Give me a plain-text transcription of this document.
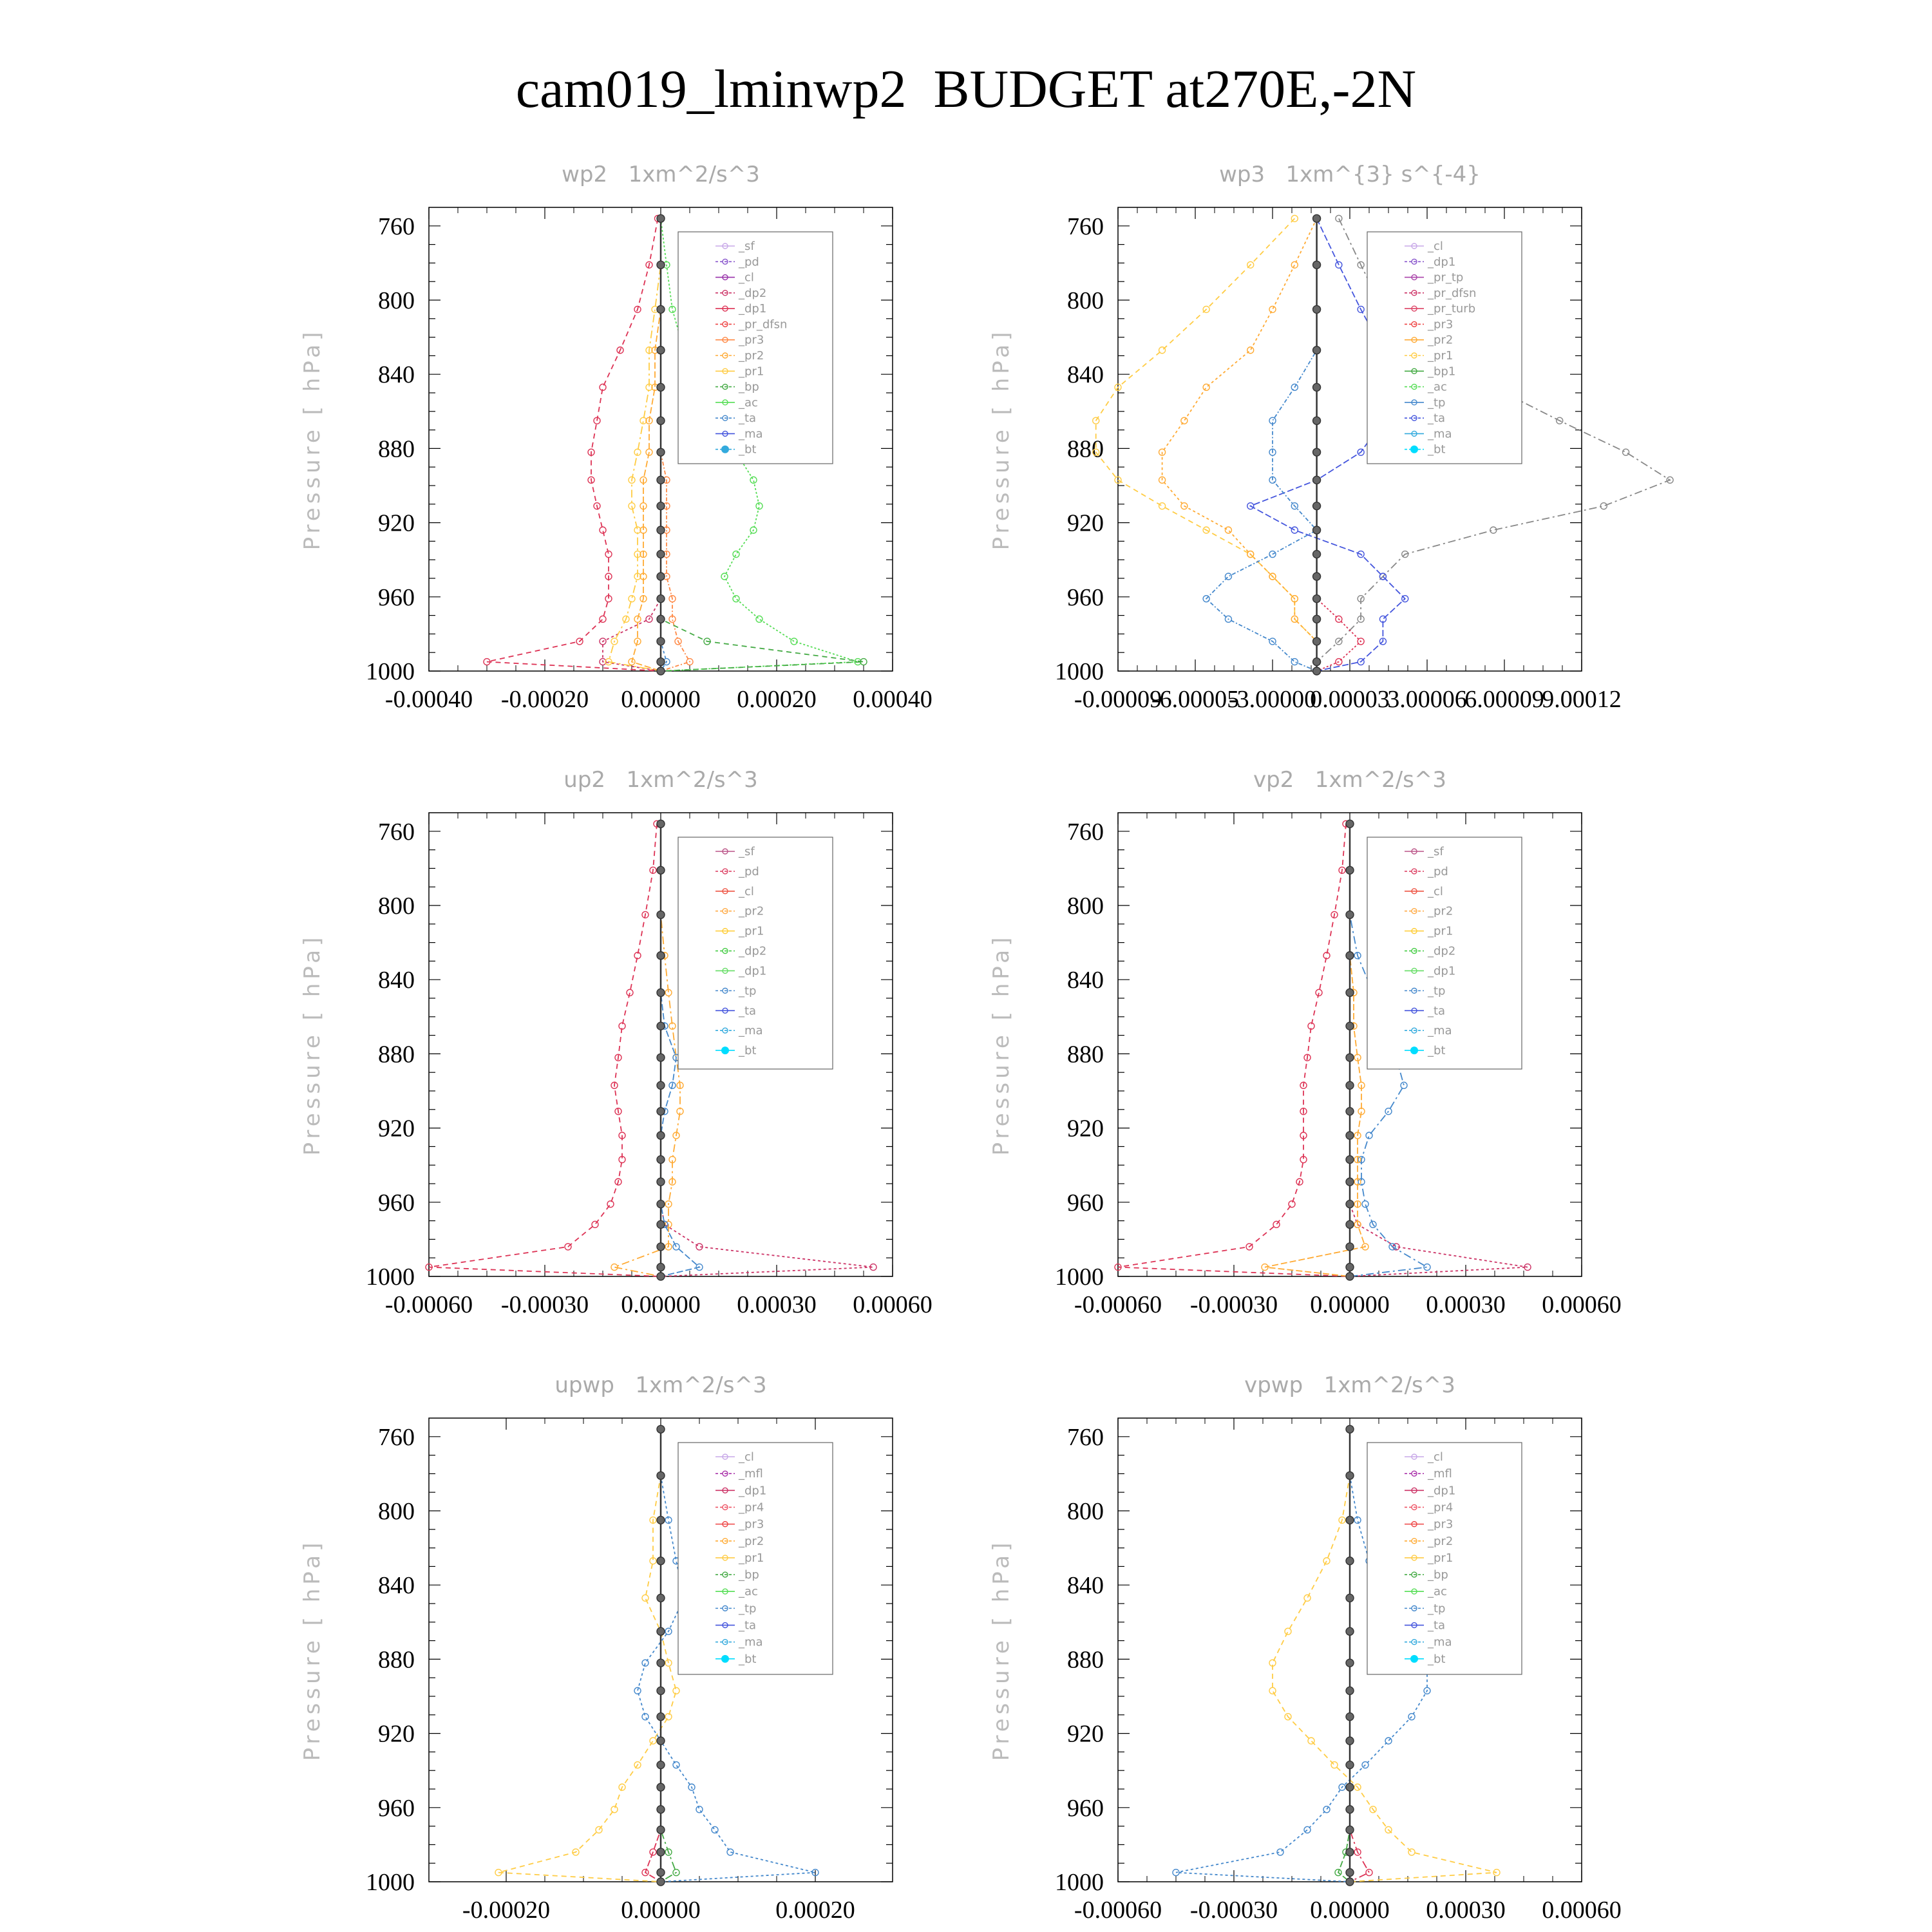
cam019_lminwp2  BUDGET at270E,-2N
wp2   1xm^2/s^3
Pressure [ hPa]
760
800
840
880
920
960
1000
-0.00040 -0.00020 0.00000 0.00020 0.00040
_sf
_pd
_cl
_dp2
_dp1
_pr_dfsn
_pr3
_pr2
_pr1
_bp
_ac
_ta
_ma
_bt
wp3   1xm^{3} s^{-4}
Pressure [ hPa]
760
800
840
880
920
960
1000
-0.00009
-6.00005
-3.00000
0.00003
3.00006
6.00009
9.00012
_cl
_dp1
_pr_tp
_pr_dfsn
_pr_turb
_pr3
_pr2
_pr1
_bp1
_ac
_tp
_ta
_ma
_bt
up2   1xm^2/s^3
Pressure [ hPa]
760
800
840
880
920
960
1000
-0.00060 -0.00030 0.00000 0.00030 0.00060
_sf
_pd
_cl
_pr2
_pr1
_dp2
_dp1
_tp
_ta
_ma
_bt
vp2   1xm^2/s^3
Pressure [ hPa]
760
800
840
880
920
960
1000
-0.00060 -0.00030 0.00000 0.00030 0.00060
_sf
_pd
_cl
_pr2
_pr1
_dp2
_dp1
_tp
_ta
_ma
_bt
upwp   1xm^2/s^3
Pressure [ hPa]
760
800
840
880
920
960
1000
-0.00020	0.00000	0.00020
_cl
_mfl
_dp1
_pr4
_pr3
_pr2
_pr1
_bp
_ac
_tp
_ta
_ma
_bt
vpwp   1xm^2/s^3
Pressure [ hPa]
760
800
840
880
920
960
1000
-0.00060 -0.00030 0.00000 0.00030 0.00060
_cl
_mfl
_dp1
_pr4
_pr3
_pr2
_pr1
_bp
_ac
_tp
_ta
_ma
_bt
